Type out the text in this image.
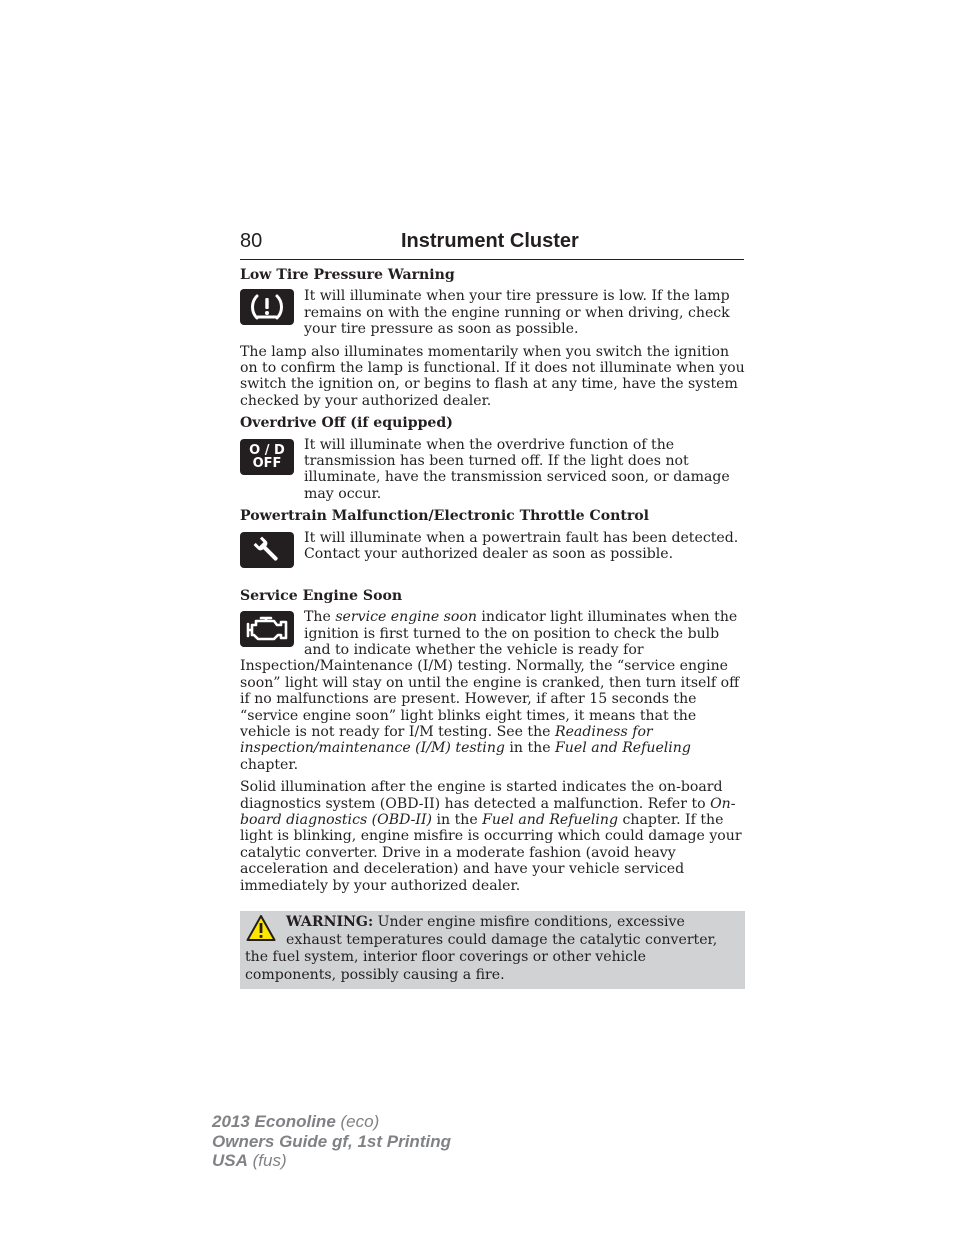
80	Instrument Cluster

Low Tire Pressure Warning

It will illuminate when your tire pressure is low. If the lamp remains on with the engine running or when driving, check your tire pressure as soon as possible.

The lamp also illuminates momentarily when you switch the ignition on to confirm the lamp is functional. If it does not illuminate when you switch the ignition on, or begins to flash at any time, have the system checked by your authorized dealer.

Overdrive Off (if equipped)

O / D
OFF

It will illuminate when the overdrive function of the transmission has been turned off. If the light does not illuminate, have the transmission serviced soon, or damage may occur.

Powertrain Malfunction/Electronic Throttle Control

It will illuminate when a powertrain fault has been detected. Contact your authorized dealer as soon as possible.

Service Engine Soon

The service engine soon indicator light illuminates when the ignition is first turned to the on position to check the bulb and to indicate whether the vehicle is ready for Inspection/Maintenance (I/M) testing. Normally, the “service engine soon” light will stay on until the engine is cranked, then turn itself off if no malfunctions are present. However, if after 15 seconds the “service engine soon” light blinks eight times, it means that the vehicle is not ready for I/M testing. See the Readiness for inspection/maintenance (I/M) testing in the Fuel and Refueling chapter.

Solid illumination after the engine is started indicates the on-board diagnostics system (OBD-II) has detected a malfunction. Refer to On-board diagnostics (OBD-II) in the Fuel and Refueling chapter. If the light is blinking, engine misfire is occurring which could damage your catalytic converter. Drive in a moderate fashion (avoid heavy acceleration and deceleration) and have your vehicle serviced immediately by your authorized dealer.

WARNING: Under engine misfire conditions, excessive exhaust temperatures could damage the catalytic converter, the fuel system, interior floor coverings or other vehicle components, possibly causing a fire.

2013 Econoline (eco)
Owners Guide gf, 1st Printing
USA (fus)
